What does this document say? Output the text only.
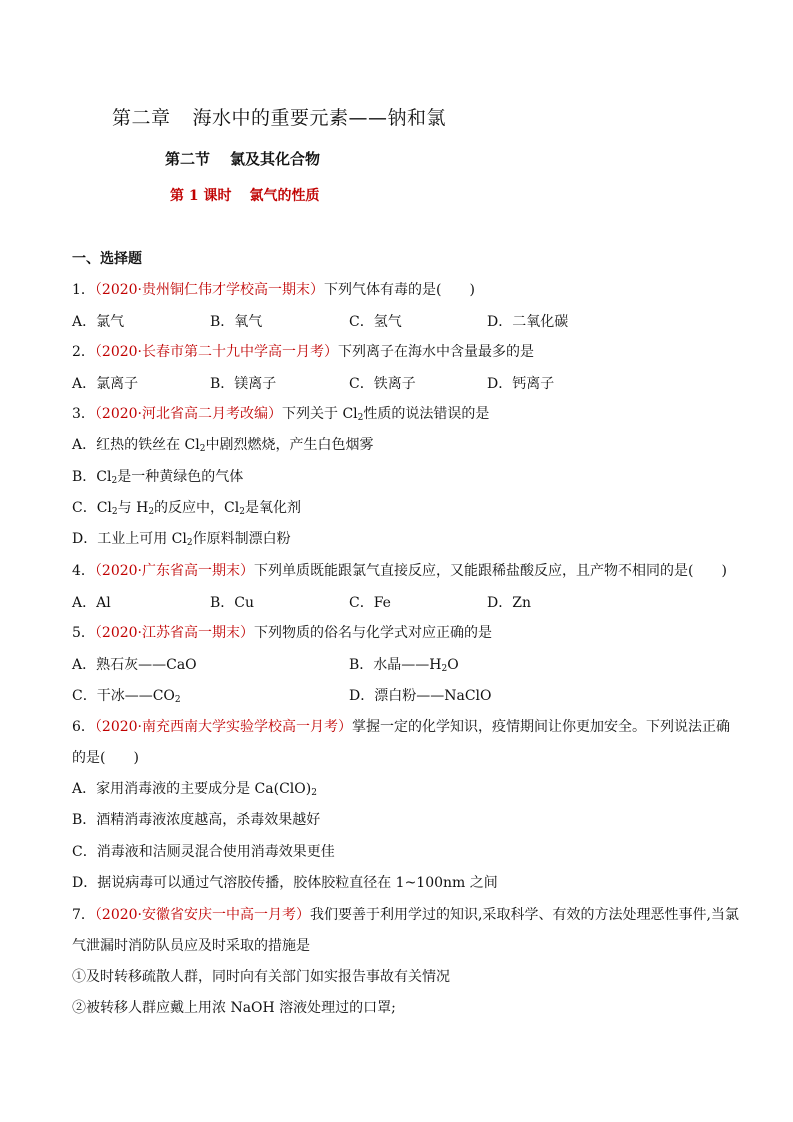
第二章 海水中的重要元素——钠和氯
第二节 氯及其化合物
第 1 课时 氯气的性质
一、选择题
1．（2020·贵州铜仁伟才学校高一期末）下列气体有毒的是(　　)
A．氯气	B．氧气	C．氢气	D．二氧化碳
2．（2020·长春市第二十九中学高一月考）下列离子在海水中含量最多的是
A．氯离子	B．镁离子	C．铁离子	D．钙离子
3．（2020·河北省高二月考改编）下列关于 $Cl_2$性质的说法错误的是
A．红热的铁丝在 $Cl_2$中剧烈燃烧，产生白色烟雾
B．$Cl_2$是一种黄绿色的气体
C．$Cl_2$与 $H_2$的反应中，$Cl_2$是氧化剂
D．工业上可用 $Cl_2$作原料制漂白粉
4．（2020·广东省高一期末）下列单质既能跟氯气直接反应，又能跟稀盐酸反应，且产物不相同的是(　　)
A．Al	B．Cu	C．Fe	D．Zn
5．（2020·江苏省高一期末）下列物质的俗名与化学式对应正确的是
A．熟石灰——CaO	B．水晶$——H_2O$
C．干冰$——CO_2$	D．漂白粉——NaClO
6．（2020·南充西南大学实验学校高一月考）掌握一定的化学知识，疫情期间让你更加安全。下列说法正确
的是(　　)
A．家用消毒液的主要成分是 $Ca(ClO)_2$
B．酒精消毒液浓度越高，杀毒效果越好
C．消毒液和洁厕灵混合使用消毒效果更佳
D．据说病毒可以通过气溶胶传播，胶体胶粒直径在 1~100nm 之间
7．（2020·安徽省安庆一中高一月考）我们要善于利用学过的知识,采取科学、有效的方法处理恶性事件,当氯
气泄漏时消防队员应及时采取的措施是
①及时转移疏散人群，同时向有关部门如实报告事故有关情况
②被转移人群应戴上用浓 NaOH 溶液处理过的口罩;
